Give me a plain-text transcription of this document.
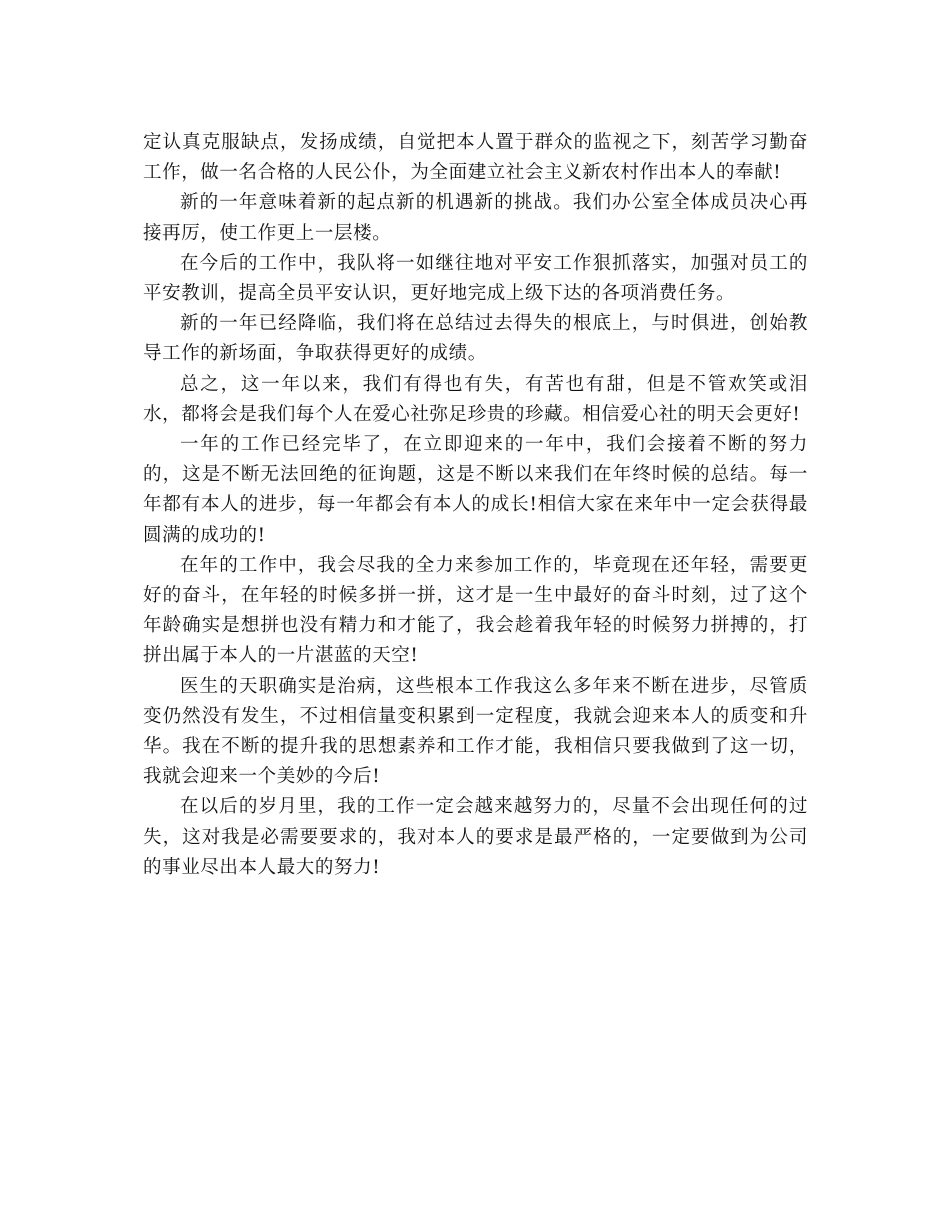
定认真克服缺点，发扬成绩，自觉把本人置于群众的监视之下，刻苦学习勤奋工作，做一名合格的人民公仆，为全面建立社会主义新农村作出本人的奉献!

新的一年意味着新的起点新的机遇新的挑战。我们办公室全体成员决心再接再厉，使工作更上一层楼。

在今后的工作中，我队将一如继往地对平安工作狠抓落实，加强对员工的平安教训，提高全员平安认识，更好地完成上级下达的各项消费任务。

新的一年已经降临，我们将在总结过去得失的根底上，与时俱进，创始教导工作的新场面，争取获得更好的成绩。

总之，这一年以来，我们有得也有失，有苦也有甜，但是不管欢笑或泪水，都将会是我们每个人在爱心社弥足珍贵的珍藏。相信爱心社的明天会更好!

一年的工作已经完毕了，在立即迎来的一年中，我们会接着不断的努力的，这是不断无法回绝的征询题，这是不断以来我们在年终时候的总结。每一年都有本人的进步，每一年都会有本人的成长!相信大家在来年中一定会获得最圆满的成功的!

在年的工作中，我会尽我的全力来参加工作的，毕竟现在还年轻，需要更好的奋斗，在年轻的时候多拼一拼，这才是一生中最好的奋斗时刻，过了这个年龄确实是想拼也没有精力和才能了，我会趁着我年轻的时候努力拼搏的，打拼出属于本人的一片湛蓝的天空!

医生的天职确实是治病，这些根本工作我这么多年来不断在进步，尽管质变仍然没有发生，不过相信量变积累到一定程度，我就会迎来本人的质变和升华。我在不断的提升我的思想素养和工作才能，我相信只要我做到了这一切，我就会迎来一个美妙的今后!

在以后的岁月里，我的工作一定会越来越努力的，尽量不会出现任何的过失，这对我是必需要要求的，我对本人的要求是最严格的，一定要做到为公司的事业尽出本人最大的努力!
